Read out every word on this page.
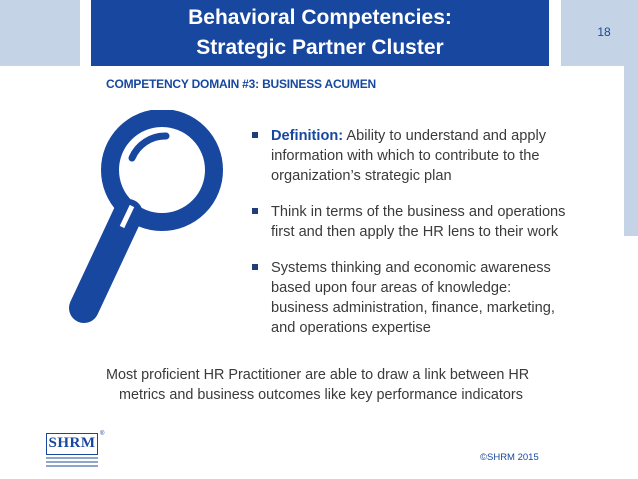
Behavioral Competencies:
Strategic Partner Cluster
18
COMPETENCY DOMAIN #3: BUSINESS ACUMEN
Definition: Ability to understand and apply
information with which to contribute to the
organization’s strategic plan
Think in terms of the business and operations
first and then apply the HR lens to their work
Systems thinking and economic awareness
based upon four areas of knowledge:
business administration, finance, marketing,
and operations expertise
Most proficient HR Practitioner are able to draw a link between HR
metrics and business outcomes like key performance indicators
SHRM
®
©SHRM 2015
